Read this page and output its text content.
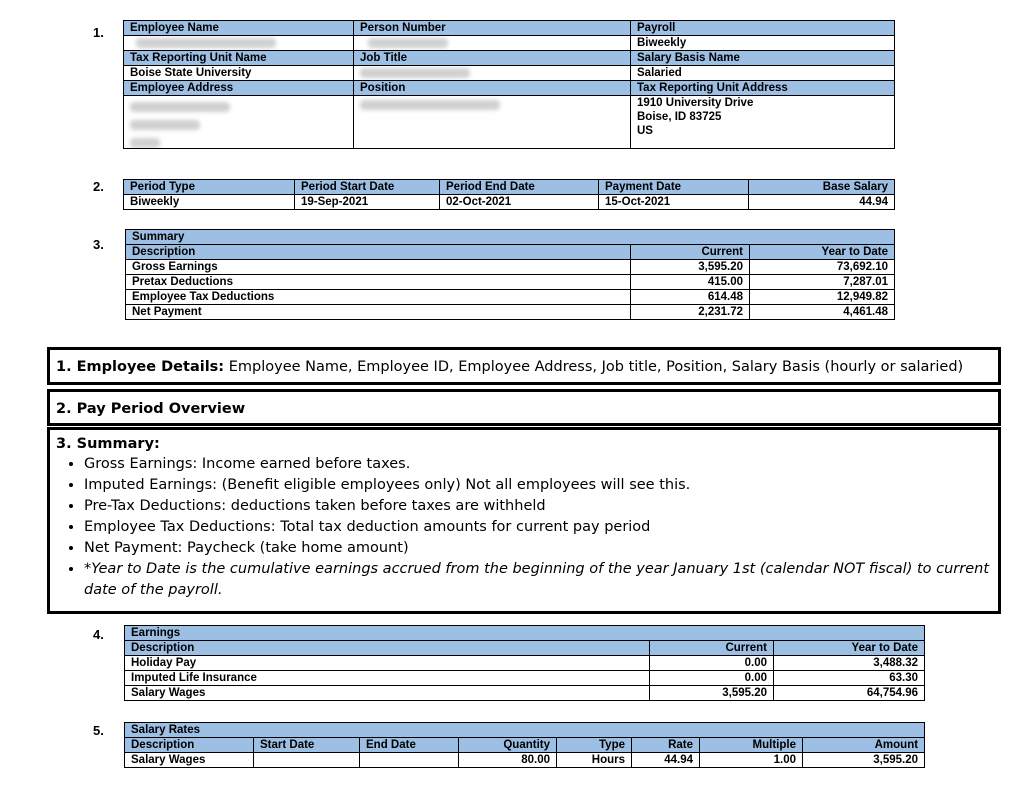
1.
2.
3.
4.
5.
Employee Name	Person Number	Payroll
		Biweekly
Tax Reporting Unit Name	Job Title	Salary Basis Name
Boise State University		Salaried
Employee Address	Position	Tax Reporting Unit Address

		1910 University Drive
Boise, ID 83725
US
Period Type	Period Start Date	Period End Date	Payment Date	Base Salary
Biweekly	19-Sep-2021	02-Oct-2021	15-Oct-2021	44.94
Summary		
Description	Current	Year to Date
Gross Earnings	3,595.20	73,692.10
Pretax Deductions	415.00	7,287.01
Employee Tax Deductions	614.48	12,949.82
Net Payment	2,231.72	4,461.48
1. Employee Details: Employee Name, Employee ID, Employee Address, Job title, Position, Salary Basis (hourly or salaried)
2. Pay Period Overview
3. Summary:
• Gross Earnings: Income earned before taxes.
• Imputed Earnings: (Benefit eligible employees only) Not all employees will see this.
• Pre-Tax Deductions: deductions taken before taxes are withheld
• Employee Tax Deductions: Total tax deduction amounts for current pay period
• Net Payment: Paycheck (take home amount)
• *Year to Date is the cumulative earnings accrued from the beginning of the year January 1st (calendar NOT fiscal) to current date of the payroll.
Earnings		
Description	Current	Year to Date
Holiday Pay	0.00	3,488.32
Imputed Life Insurance	0.00	63.30
Salary Wages	3,595.20	64,754.96
Salary Rates							
Description	Start Date	End Date	Quantity	Type	Rate	Multiple	Amount
Salary Wages			80.00	Hours	44.94	1.00	3,595.20
